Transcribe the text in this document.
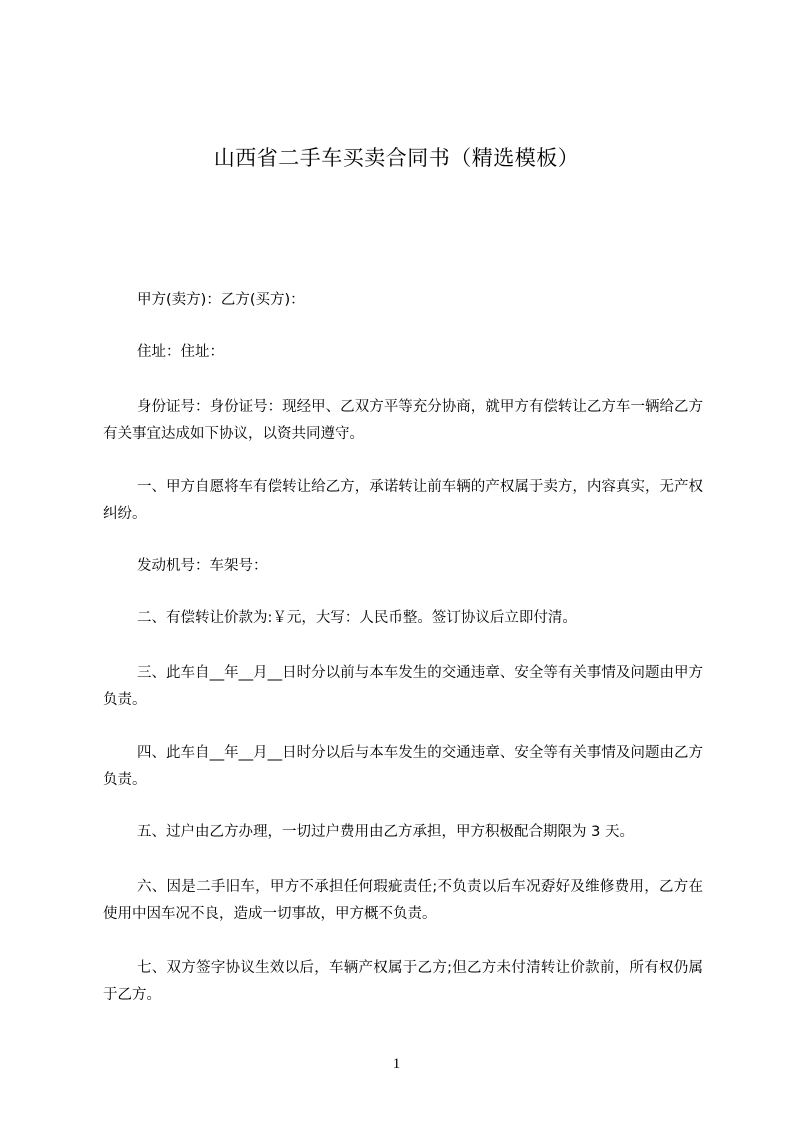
山西省二手车买卖合同书（精选模板）

甲方(卖方)：乙方(买方)：

住址：住址：

身份证号：身份证号：现经甲、乙双方平等充分协商，就甲方有偿转让乙方车一辆给乙方有关事宜达成如下协议，以资共同遵守。

一、甲方自愿将车有偿转让给乙方，承诺转让前车辆的产权属于卖方，内容真实，无产权纠纷。

发动机号：车架号：

二、有偿转让价款为:￥元，大写：人民币整。签订协议后立即付清。

三、此车自__年__月__日时分以前与本车发生的交通违章、安全等有关事情及问题由甲方负责。

四、此车自__年__月__日时分以后与本车发生的交通违章、安全等有关事情及问题由乙方负责。

五、过户由乙方办理，一切过户费用由乙方承担，甲方积极配合期限为 3 天。

六、因是二手旧车，甲方不承担任何瑕疵责任;不负责以后车况孬好及维修费用，乙方在使用中因车况不良，造成一切事故，甲方概不负责。

七、双方签字协议生效以后，车辆产权属于乙方;但乙方未付清转让价款前，所有权仍属于乙方。

1
